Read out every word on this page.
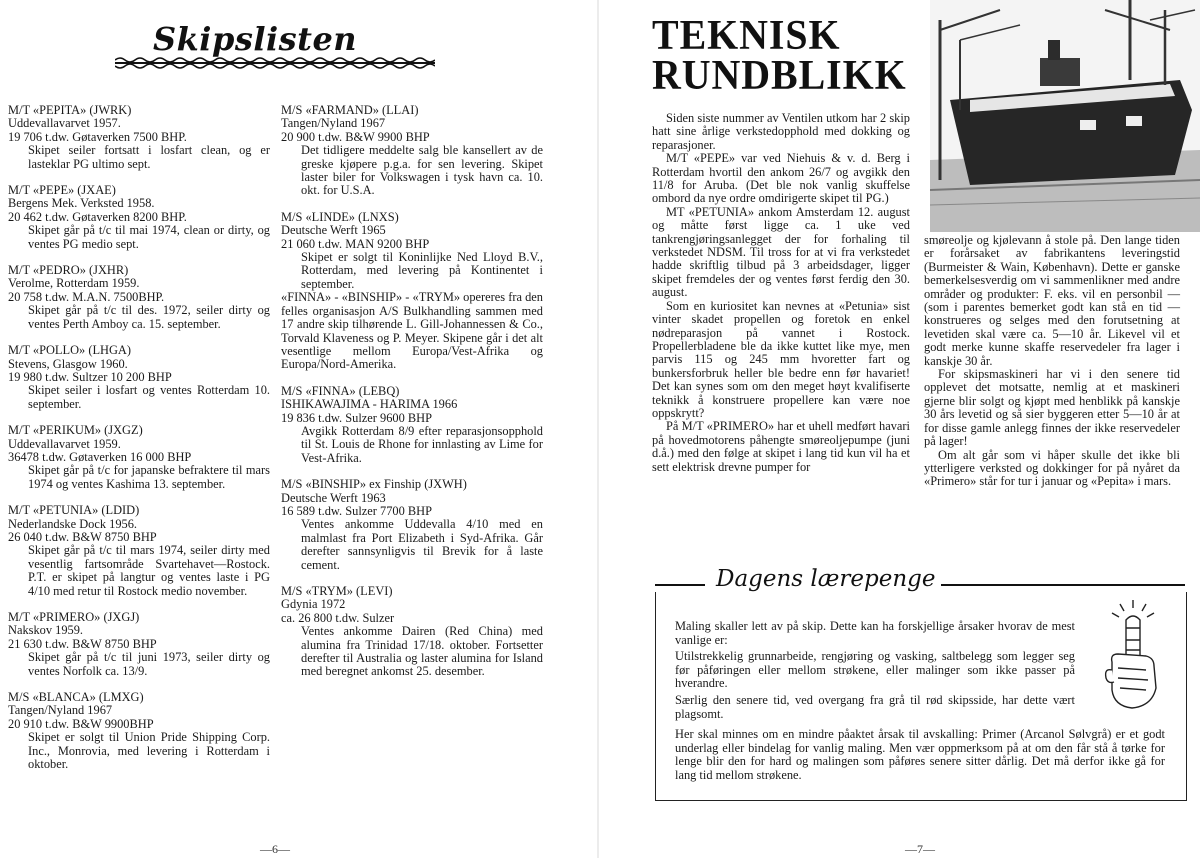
Skipslisten
M/T «PEPITA» (JWRK)
Uddevallavarvet 1957.
19 706 t.dw. Gøtaverken 7500 BHP.
Skipet seiler fortsatt i losfart clean, og er lasteklar PG ultimo sept.
M/T «PEPE» (JXAE)
Bergens Mek. Verksted 1958.
20 462 t.dw. Gøtaverken 8200 BHP.
Skipet går på t/c til mai 1974, clean or dirty, og ventes PG medio sept.
M/T «PEDRO» (JXHR)
Verolme, Rotterdam 1959.
20 758 t.dw. M.A.N. 7500BHP.
Skipet går på t/c til des. 1972, seiler dirty og ventes Perth Amboy ca. 15. september.
M/T «POLLO» (LHGA)
Stevens, Glasgow 1960.
19 980 t.dw. Sultzer 10 200 BHP
Skipet seiler i losfart og ventes Rotterdam 10. september.
M/T «PERIKUM» (JXGZ)
Uddevallavarvet 1959.
36478 t.dw. Gøtaverken 16 000 BHP
Skipet går på t/c for japanske befraktere til mars 1974 og ventes Kashima 13. september.
M/T «PETUNIA» (LDID)
Nederlandske Dock 1956.
26 040 t.dw. B&W 8750 BHP
Skipet går på t/c til mars 1974, seiler dirty med vesentlig fartsområde Svartehavet—Rostock. P.T. er skipet på langtur og ventes laste i PG 4/10 med retur til Rostock medio november.
M/T «PRIMERO» (JXGJ)
Nakskov 1959.
21 630 t.dw. B&W 8750 BHP
Skipet går på t/c til juni 1973, seiler dirty og ventes Norfolk ca. 13/9.
M/S «BLANCA» (LMXG)
Tangen/Nyland 1967
20 910 t.dw. B&W 9900BHP
Skipet er solgt til Union Pride Shipping Corp. Inc., Monrovia, med levering i Rotterdam i oktober.
M/S «FARMAND» (LLAI)
Tangen/Nyland 1967
20 900 t.dw. B&W 9900 BHP
Det tidligere meddelte salg ble kansellert av de greske kjøpere p.g.a. for sen levering. Skipet laster biler for Volkswagen i tysk havn ca. 10. okt. for U.S.A.
M/S «LINDE» (LNXS)
Deutsche Werft 1965
21 060 t.dw. MAN 9200 BHP
Skipet er solgt til Koninlijke Ned Lloyd B.V., Rotterdam, med levering på Kontinentet i september.
«FINNA» - «BINSHIP» - «TRYM» opereres fra den felles organisasjon A/S Bulkhandling sammen med 17 andre skip tilhørende L. Gill-Johannessen & Co., Torvald Klaveness og P. Meyer. Skipene går i det alt vesentlige mellom Europa/Vest-Afrika og Europa/Nord-Amerika.
M/S «FINNA» (LEBQ)
ISHIKAWAJIMA - HARIMA 1966
19 836 t.dw. Sulzer 9600 BHP
Avgikk Rotterdam 8/9 efter reparasjonsopphold til St. Louis de Rhone for innlasting av Lime for Vest-Afrika.
M/S «BINSHIP» ex Finship (JXWH)
Deutsche Werft 1963
16 589 t.dw. Sulzer 7700 BHP
Ventes ankomme Uddevalla 4/10 med en malmlast fra Port Elizabeth i Syd-Afrika. Går derefter sannsynligvis til Brevik for å laste cement.
M/S «TRYM» (LEVI)
Gdynia 1972
ca. 26 800 t.dw. Sulzer
Ventes ankomme Dairen (Red China) med alumina fra Trinidad 17/18. oktober. Fortsetter derefter til Australia og laster alumina for Island med beregnet ankomst 25. desember.
—6—
TEKNISK
RUNDBLIKK
Siden siste nummer av Ventilen utkom har 2 skip hatt sine årlige verkstedopphold med dokking og reparasjoner.
M/T «PEPE» var ved Niehuis & v. d. Berg i Rotterdam hvortil den ankom 26/7 og avgikk den 11/8 for Aruba. (Det ble nok vanlig skuffelse ombord da nye ordre omdirigerte skipet til PG.)
MT «PETUNIA» ankom Amsterdam 12. august og måtte først ligge ca. 1 uke ved tankrengjøringsanlegget der for forhaling til verkstedet NDSM. Til tross for at vi fra verkstedet hadde skriftlig tilbud på 3 arbeidsdager, ligger skipet fremdeles der og ventes først ferdig den 30. august.
Som en kuriositet kan nevnes at «Petunia» sist vinter skadet propellen og foretok en enkel nødreparasjon på vannet i Rostock. Propellerbladene ble da ikke kuttet like mye, men parvis 115 og 245 mm hvoretter fart og bunkersforbruk heller ble bedre enn før havariet! Det kan synes som om den meget høyt kvalifiserte teknikk å konstruere propellere kan være noe oppskrytt?
På M/T «PRIMERO» har et uhell medført havari på hovedmotorens påhengte smøreoljepumpe (juni d.å.) med den følge at skipet i lang tid kun vil ha et sett elektrisk drevne pumper for
smøreolje og kjølevann å stole på. Den lange tiden er forårsaket av fabrikantens leveringstid (Burmeister & Wain, København). Dette er ganske bemerkelsesverdig om vi sammenlikner med andre områder og produkter: F. eks. vil en personbil — (som i parentes bemerket godt kan stå en tid — konstrueres og selges med den forutsetning at levetiden skal være ca. 5—10 år. Likevel vil et godt merke kunne skaffe reservedeler fra lager i kanskje 30 år.
For skipsmaskineri har vi i den senere tid opplevet det motsatte, nemlig at et maskineri gjerne blir solgt og kjøpt med henblikk på kanskje 30 års levetid og så sier byggeren etter 5—10 år at for disse gamle anlegg finnes der ikke reservedeler på lager!
Om alt går som vi håper skulle det ikke bli ytterligere verksted og dokkinger for på nyåret da «Primero» står for tur i januar og «Pepita» i mars.
Dagens lærepenge

Maling skaller lett av på skip. Dette kan ha forskjellige årsaker hvorav de mest vanlige er:

Utilstrekkelig grunnarbeide, rengjøring og vasking, saltbelegg som legger seg før påføringen eller mellom strøkene, eller malinger som ikke passer på hverandre.

Særlig den senere tid, ved overgang fra grå til rød skipsside, har dette vært plagsomt.

Her skal minnes om en mindre påaktet årsak til avskalling: Primer (Arcanol Sølvgrå) er et godt underlag eller bindelag for vanlig maling. Men vær oppmerksom på at om den får stå å tørke for lenge blir den for hard og malingen som påføres senere sitter dårlig. Det må derfor ikke gå for lang tid mellom strøkene.

—7—
